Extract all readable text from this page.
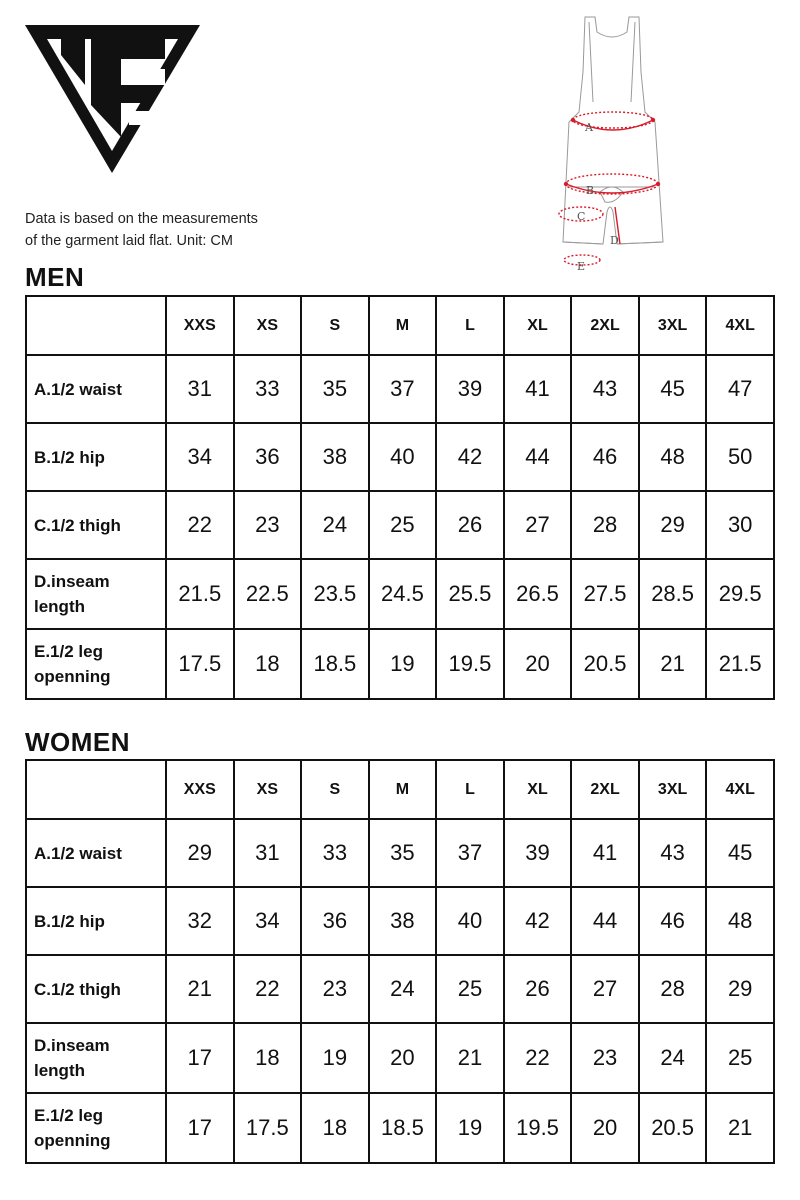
A
B
C
D
E
Data is based on the measurements
of the garment laid flat. Unit: CM
MEN
	XXS	XS	S	M	L	XL	2XL	3XL	4XL
A.1/2 waist	31	33	35	37	39	41	43	45	47
B.1/2 hip	34	36	38	40	42	44	46	48	50
C.1/2 thigh	22	23	24	25	26	27	28	29	30
D.inseam length	21.5	22.5	23.5	24.5	25.5	26.5	27.5	28.5	29.5
E.1/2 leg openning	17.5	18	18.5	19	19.5	20	20.5	21	21.5
WOMEN
	XXS	XS	S	M	L	XL	2XL	3XL	4XL
A.1/2 waist	29	31	33	35	37	39	41	43	45
B.1/2 hip	32	34	36	38	40	42	44	46	48
C.1/2 thigh	21	22	23	24	25	26	27	28	29
D.inseam length	17	18	19	20	21	22	23	24	25
E.1/2 leg openning	17	17.5	18	18.5	19	19.5	20	20.5	21
